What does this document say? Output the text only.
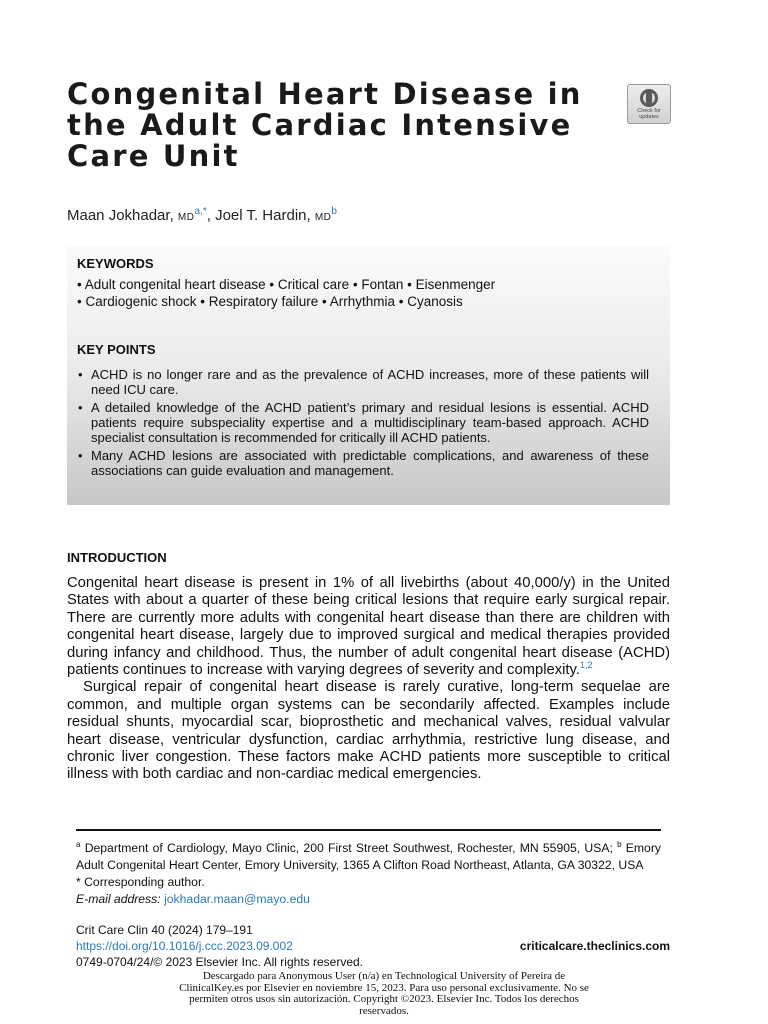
Congenital Heart Disease in
the Adult Cardiac Intensive
Care Unit
Check for
updates
Maan Jokhadar, $MD^{a,*}$, Joel T. Hardin, $MD^b$
KEYWORDS
• Adult congenital heart disease • Critical care • Fontan • Eisenmenger
• Cardiogenic shock • Respiratory failure • Arrhythmia • Cyanosis
KEY POINTS
• ACHD is no longer rare and as the prevalence of ACHD increases, more of these patients will need ICU care.
• A detailed knowledge of the ACHD patient’s primary and residual lesions is essential. ACHD patients require subspeciality expertise and a multidisciplinary team-based approach. ACHD specialist consultation is recommended for critically ill ACHD patients.
• Many ACHD lesions are associated with predictable complications, and awareness of these associations can guide evaluation and management.
INTRODUCTION

Congenital heart disease is present in 1% of all livebirths (about 40,000/y) in the United States with about a quarter of these being critical lesions that require early surgical repair. There are currently more adults with congenital heart disease than there are children with congenital heart disease, largely due to improved surgical and medical therapies provided during infancy and childhood. Thus, the number of adult congenital heart disease (ACHD) patients continues to increase with varying degrees of severity and complexity.$^{1,2}$

Surgical repair of congenital heart disease is rarely curative, long-term sequelae are common, and multiple organ systems can be secondarily affected. Examples include residual shunts, myocardial scar, bioprosthetic and mechanical valves, residual valvular heart disease, ventricular dysfunction, cardiac arrhythmia, restrictive lung disease, and chronic liver congestion. These factors make ACHD patients more susceptible to critical illness with both cardiac and non-cardiac medical emergencies.

$^a$ Department of Cardiology, Mayo Clinic, 200 First Street Southwest, Rochester, MN 55905, USA; $^b$ Emory Adult Congenital Heart Center, Emory University, 1365 A Clifton Road Northeast, Atlanta, GA 30322, USA
* Corresponding author.
E-mail address: jokhadar.maan@mayo.edu
Crit Care Clin 40 (2024) 179–191
https://doi.org/10.1016/j.ccc.2023.09.002
0749-0704/24/© 2023 Elsevier Inc. All rights reserved.
criticalcare.theclinics.com
Descargado para Anonymous User (n/a) en Technological University of Pereira de
ClinicalKey.es por Elsevier en noviembre 15, 2023. Para uso personal exclusivamente. No se
permiten otros usos sin autorización. Copyright ©2023. Elsevier Inc. Todos los derechos
reservados.
